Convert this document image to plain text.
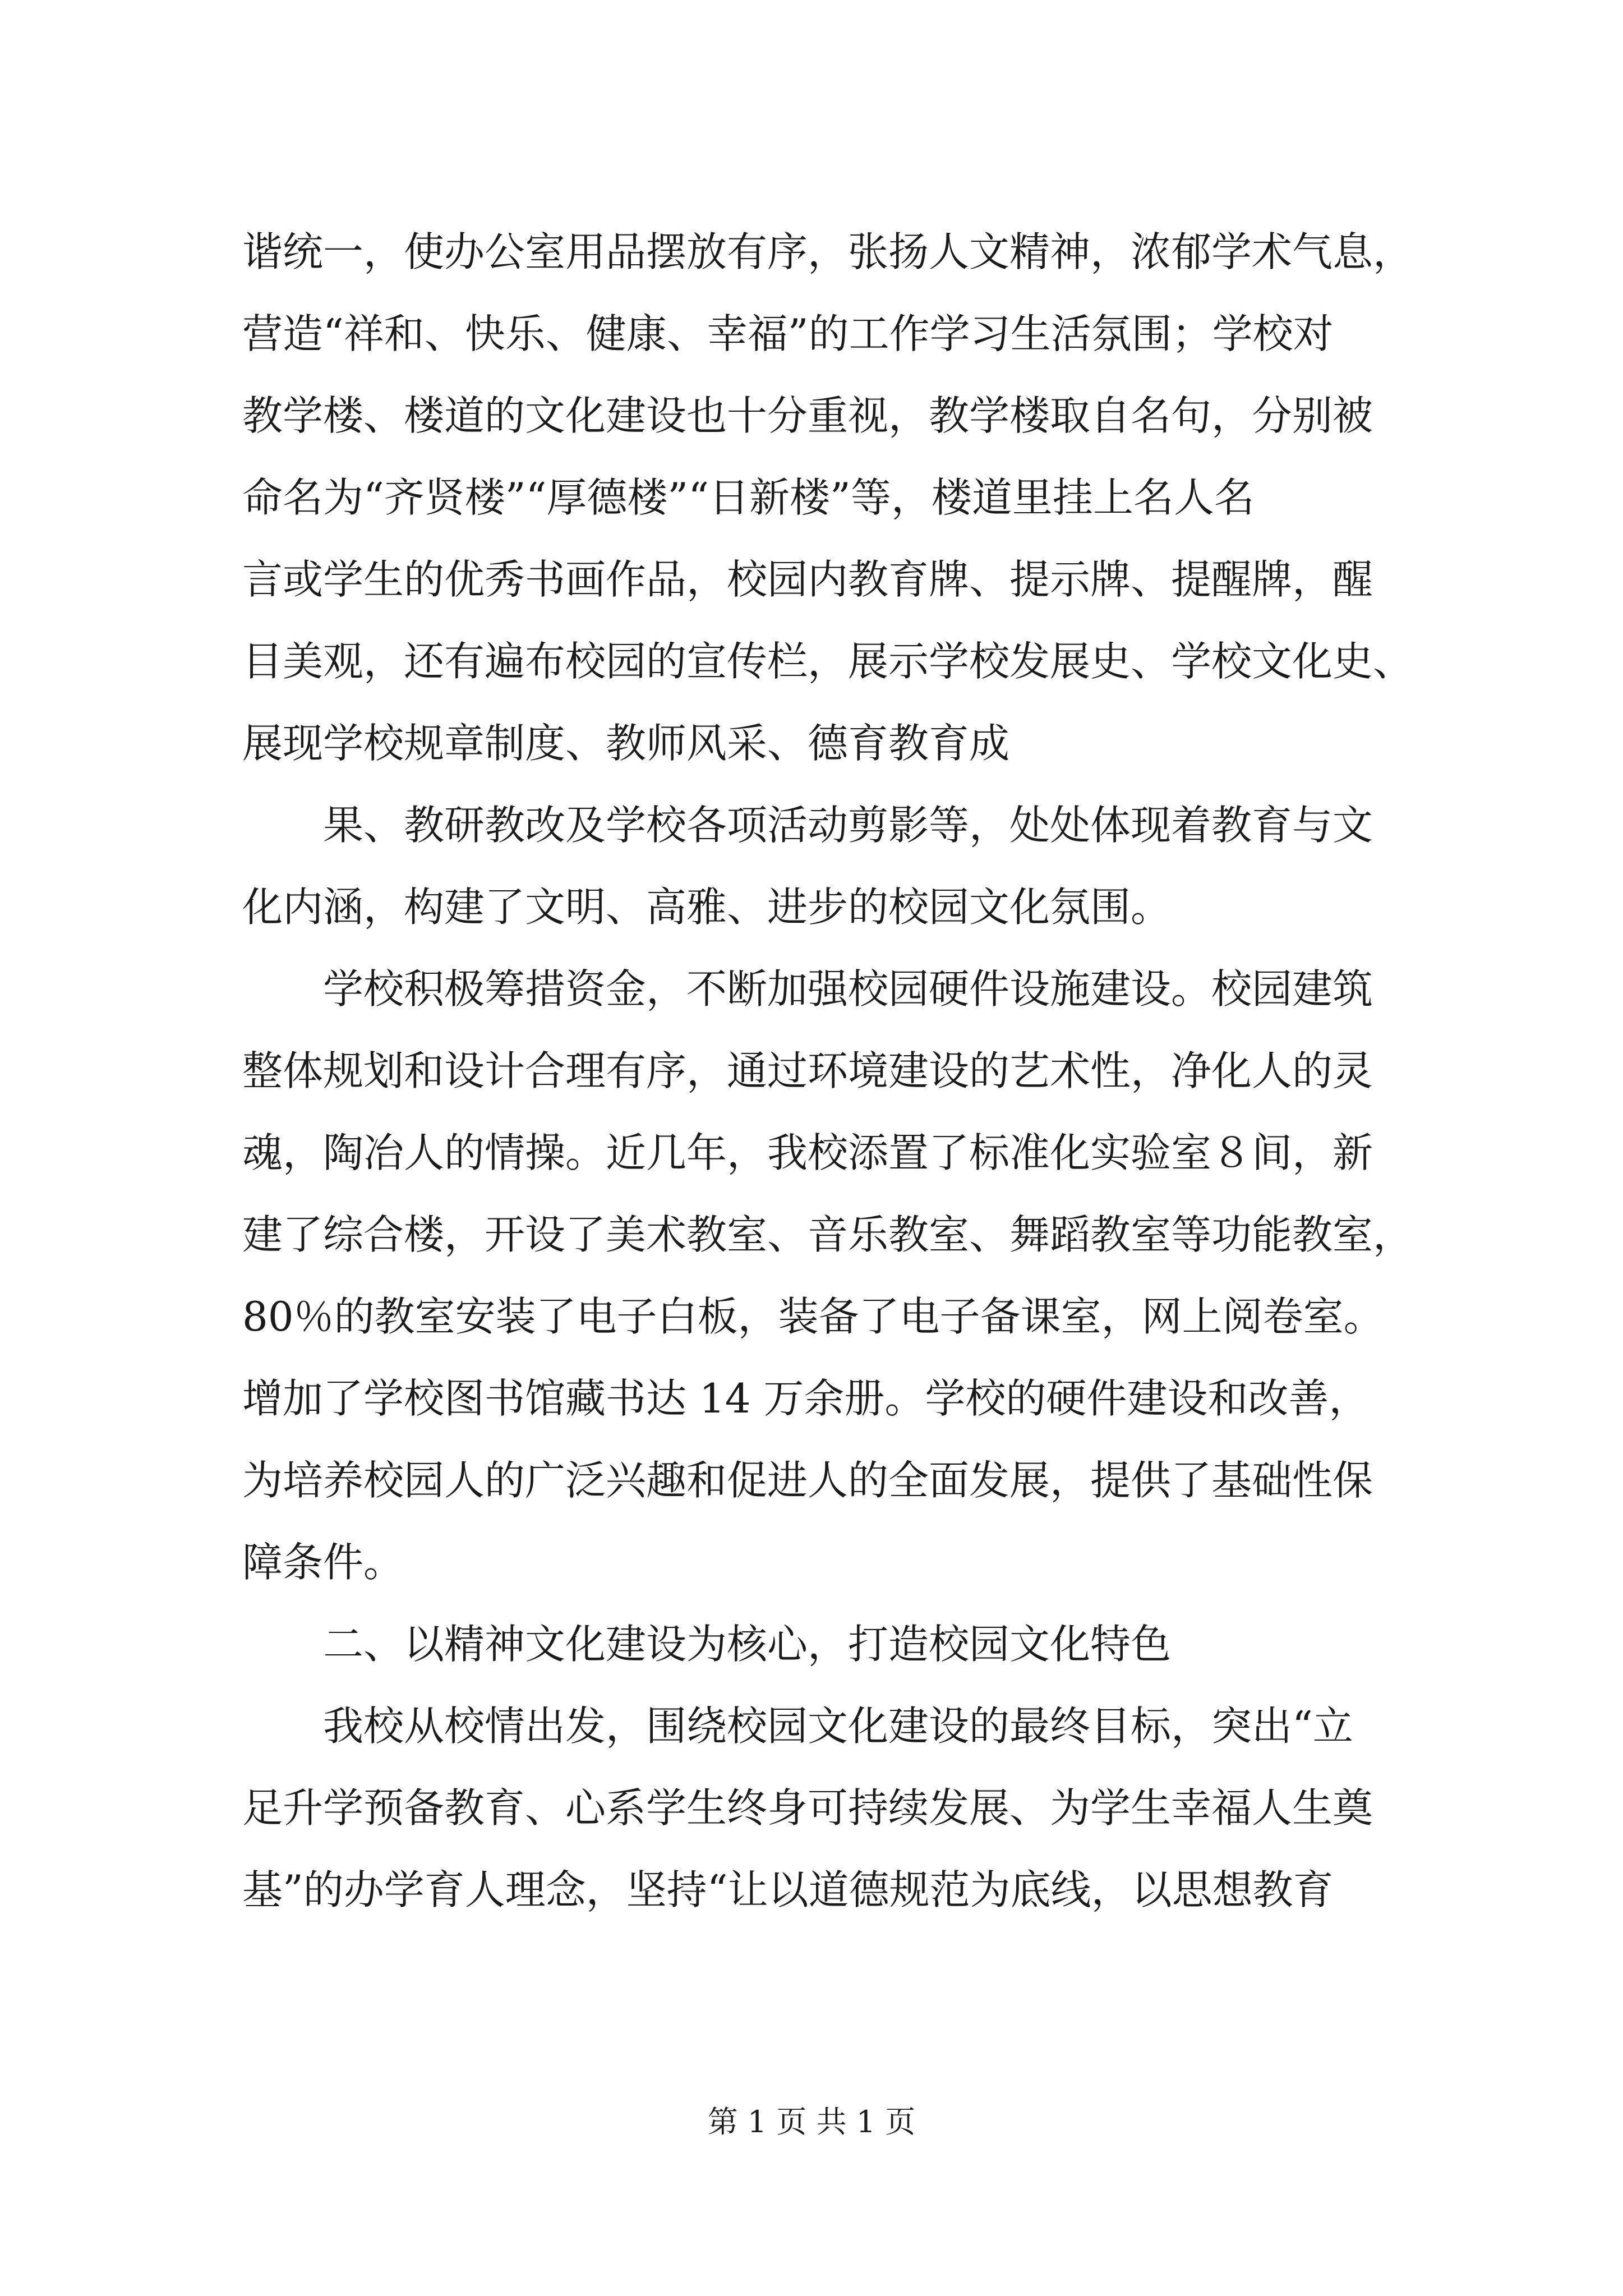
谐统一，使办公室用品摆放有序，张扬人文精神，浓郁学术气息，
营造“祥和、快乐、健康、幸福”的工作学习生活氛围；学校对
教学楼、楼道的文化建设也十分重视，教学楼取自名句，分别被
命名为“齐贤楼”“厚德楼”“日新楼”等，楼道里挂上名人名
言或学生的优秀书画作品，校园内教育牌、提示牌、提醒牌，醒
目美观，还有遍布校园的宣传栏，展示学校发展史、学校文化史、
展现学校规章制度、教师风采、德育教育成
　　果、教研教改及学校各项活动剪影等，处处体现着教育与文
化内涵，构建了文明、高雅、进步的校园文化氛围。
　　学校积极筹措资金，不断加强校园硬件设施建设。校园建筑
整体规划和设计合理有序，通过环境建设的艺术性，净化人的灵
魂，陶冶人的情操。近几年，我校添置了标准化实验室８间，新
建了综合楼，开设了美术教室、音乐教室、舞蹈教室等功能教室，
80％的教室安装了电子白板，装备了电子备课室，网上阅卷室。
增加了学校图书馆藏书达 14 万余册。学校的硬件建设和改善，
为培养校园人的广泛兴趣和促进人的全面发展，提供了基础性保
障条件。
　　二、以精神文化建设为核心，打造校园文化特色
　　我校从校情出发，围绕校园文化建设的最终目标，突出“立
足升学预备教育、心系学生终身可持续发展、为学生幸福人生奠
基”的办学育人理念，坚持“让以道德规范为底线，以思想教育
第 1 页 共 1 页
